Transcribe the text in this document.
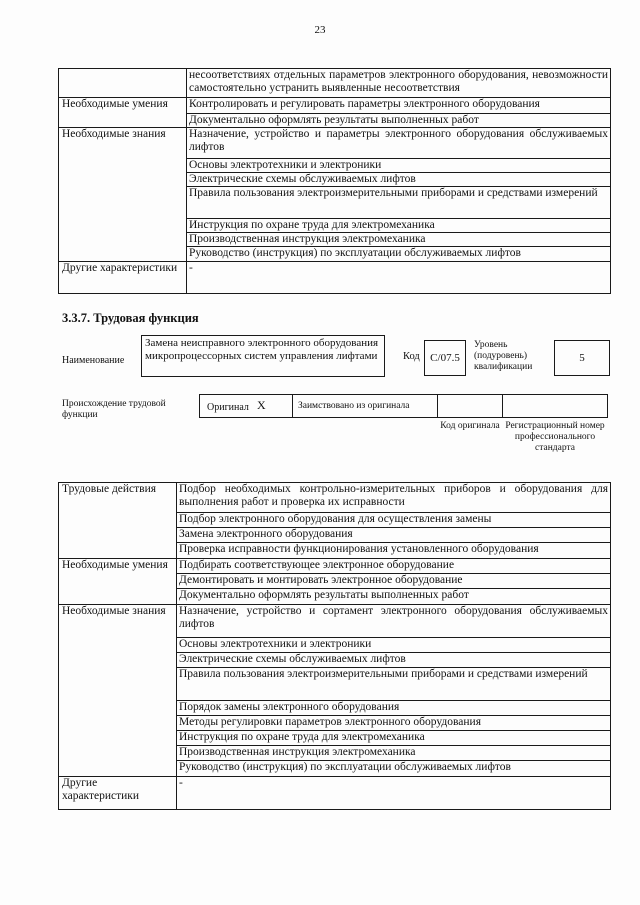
23
	несоответствиях отдельных параметров электронного оборудования, невозможности самостоятельно устранить выявленные несоответствия
Необходимые умения	Контролировать и регулировать параметры электронного оборудования
	Документально оформлять результаты выполненных работ
Необходимые знания	Назначение, устройство и параметры электронного оборудования обслуживаемых лифтов
	Основы электротехники и электроники
	Электрические схемы обслуживаемых лифтов
	Правила пользования электроизмерительными приборами и средствами измерений
	Инструкция по охране труда для электромеханика
	Производственная инструкция электромеханика
	Руководство (инструкция) по эксплуатации обслуживаемых лифтов
Другие характеристики	-
3.3.7. Трудовая функция
Наименование
Замена неисправного электронного оборудования микропроцессорных систем управления лифтами	Код С/07.5
Уровень (подуровень) квалификации
5
Происхождение трудовой функции
Оригинал Х	Заимствовано из оригинала
Код оригинала Регистрационный номер профессионального стандарта
Трудовые действия	Подбор необходимых контрольно-измерительных приборов и оборудования для выполнения работ и проверка их исправности
	Подбор электронного оборудования для осуществления замены
	Замена электронного оборудования
	Проверка исправности функционирования установленного оборудования
Необходимые умения	Подбирать соответствующее электронное оборудование
	Демонтировать и монтировать электронное оборудование
	Документально оформлять результаты выполненных работ
Необходимые знания	Назначение, устройство и сортамент электронного оборудования обслуживаемых лифтов
	Основы электротехники и электроники
	Электрические схемы обслуживаемых лифтов
	Правила пользования электроизмерительными приборами и средствами измерений
	Порядок замены электронного оборудования
	Методы регулировки параметров электронного оборудования
	Инструкция по охране труда для электромеханика
	Производственная инструкция электромеханика
	Руководство (инструкция) по эксплуатации обслуживаемых лифтов
Другие характеристики	-
